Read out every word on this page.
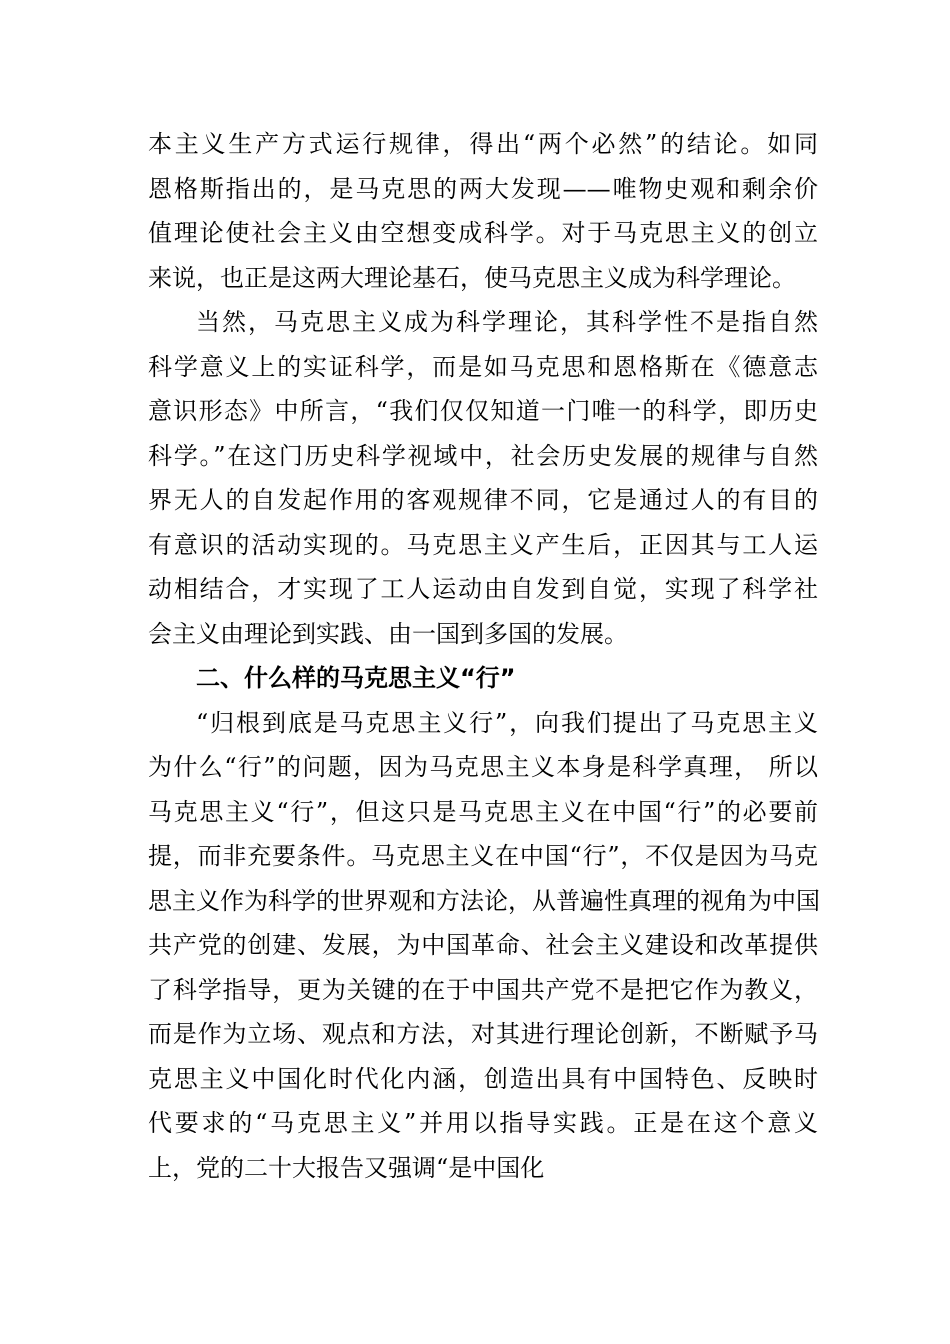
本主义生产方式运行规律，得出“两个必然”的结论。如同
恩格斯指出的，是马克思的两大发现——唯物史观和剩余价
值理论使社会主义由空想变成科学。对于马克思主义的创立
来说，也正是这两大理论基石，使马克思主义成为科学理论。
当然，马克思主义成为科学理论，其科学性不是指自然
科学意义上的实证科学，而是如马克思和恩格斯在《德意志
意识形态》中所言，“我们仅仅知道一门唯一的科学，即历史
科学。”在这门历史科学视域中，社会历史发展的规律与自然
界无人的自发起作用的客观规律不同，它是通过人的有目的
有意识的活动实现的。马克思主义产生后，正因其与工人运
动相结合，才实现了工人运动由自发到自觉，实现了科学社
会主义由理论到实践、由一国到多国的发展。
二、什么样的马克思主义“行”
“归根到底是马克思主义行”，向我们提出了马克思主义
为什么“行”的问题，因为马克思主义本身是科学真理， 所以
马克思主义“行”，但这只是马克思主义在中国“行”的必要前
提，而非充要条件。马克思主义在中国“行”，不仅是因为马克
思主义作为科学的世界观和方法论，从普遍性真理的视角为中国
共产党的创建、发展，为中国革命、社会主义建设和改革提供
了科学指导，更为关键的在于中国共产党不是把它作为教义，
而是作为立场、观点和方法，对其进行理论创新，不断赋予马
克思主义中国化时代化内涵，创造出具有中国特色、反映时
代要求的“马克思主义”并用以指导实践。正是在这个意义
上，党的二十大报告又强调“是中国化
